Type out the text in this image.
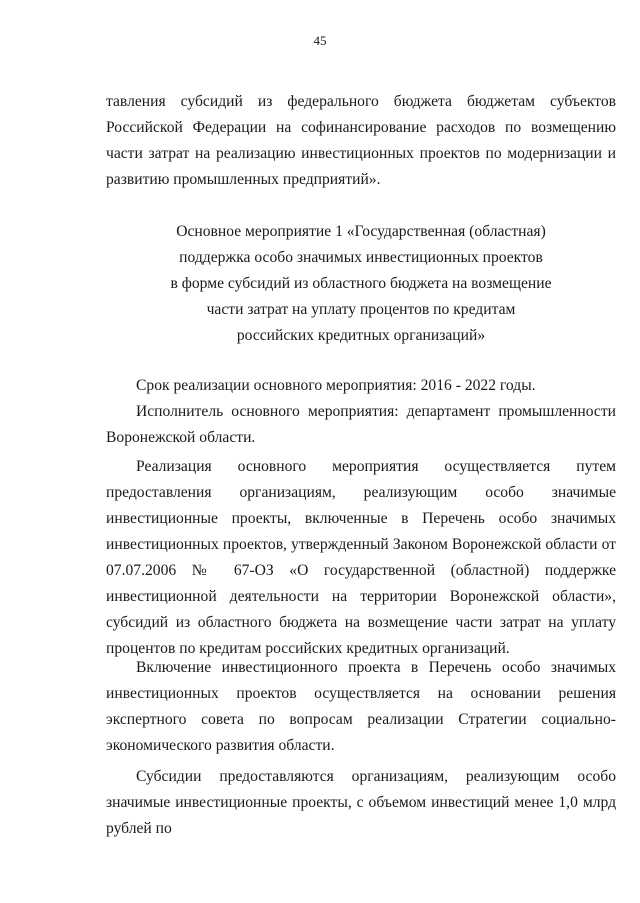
45

тавления субсидий из федерального бюджета бюджетам субъектов Российской Федерации на софинансирование расходов по возмещению части затрат на реализацию инвестиционных проектов по модернизации и развитию промышленных предприятий».

Основное мероприятие 1 «Государственная (областная)
поддержка особо значимых инвестиционных проектов
в форме субсидий из областного бюджета на возмещение
части затрат на уплату процентов по кредитам
российских кредитных организаций»

Срок реализации основного мероприятия: 2016 - 2022 годы.

Исполнитель основного мероприятия: департамент промышленности Воронежской области.

Реализация основного мероприятия осуществляется путем предоставления организациям, реализующим особо значимые инвестиционные проекты, включенные в Перечень особо значимых инвестиционных проектов, утвержденный Законом Воронежской области от 07.07.2006 № 67-ОЗ «О государственной (областной) поддержке инвестиционной деятельности на территории Воронежской области», субсидий из областного бюджета на возмещение части затрат на уплату процентов по кредитам российских кредитных организаций.

Включение инвестиционного проекта в Перечень особо значимых инвестиционных проектов осуществляется на основании решения экспертного совета по вопросам реализации Стратегии социально-экономического развития области.

Субсидии предоставляются организациям, реализующим особо значимые инвестиционные проекты, с объемом инвестиций менее 1,0 млрд рублей по
